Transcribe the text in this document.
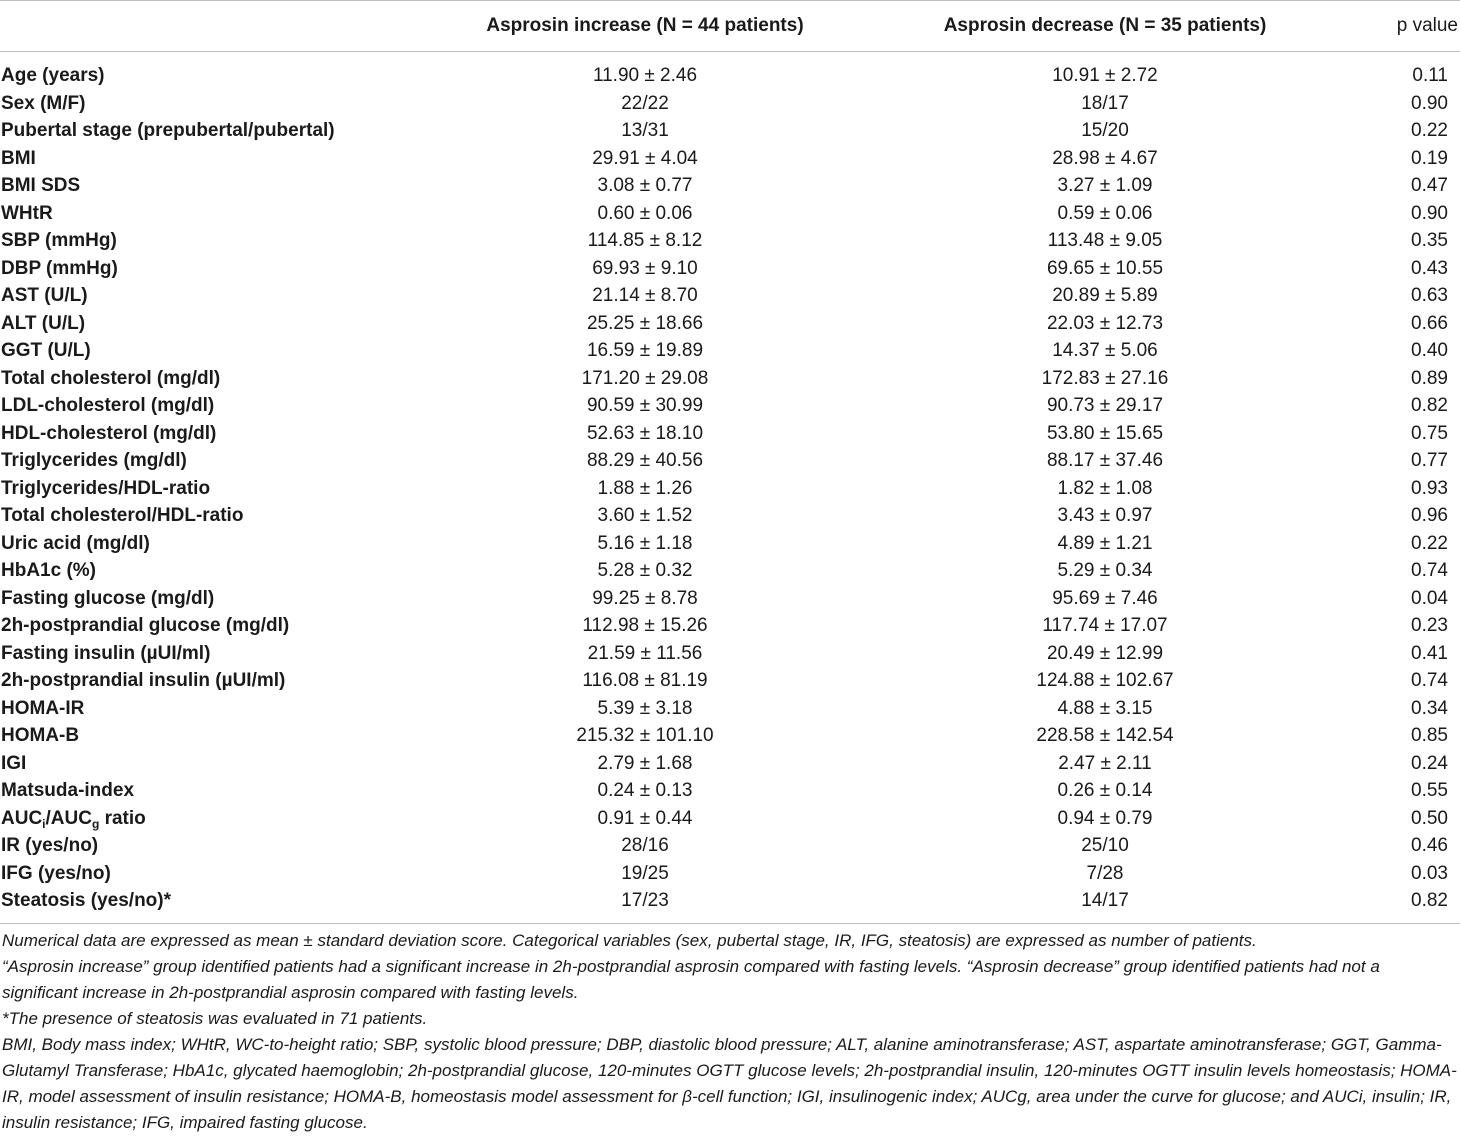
	Asprosin increase (N = 44 patients)	Asprosin decrease (N = 35 patients)	p value

Age (years)	11.90 ± 2.46	10.91 ± 2.72	0.11
Sex (M/F)	22/22	18/17	0.90
Pubertal stage (prepubertal/pubertal)	13/31	15/20	0.22
BMI	29.91 ± 4.04	28.98 ± 4.67	0.19
BMI SDS	3.08 ± 0.77	3.27 ± 1.09	0.47
WHtR	0.60 ± 0.06	0.59 ± 0.06	0.90
SBP (mmHg)	114.85 ± 8.12	113.48 ± 9.05	0.35
DBP (mmHg)	69.93 ± 9.10	69.65 ± 10.55	0.43
AST (U/L)	21.14 ± 8.70	20.89 ± 5.89	0.63
ALT (U/L)	25.25 ± 18.66	22.03 ± 12.73	0.66
GGT (U/L)	16.59 ± 19.89	14.37 ± 5.06	0.40
Total cholesterol (mg/dl)	171.20 ± 29.08	172.83 ± 27.16	0.89
LDL-cholesterol (mg/dl)	90.59 ± 30.99	90.73 ± 29.17	0.82
HDL-cholesterol (mg/dl)	52.63 ± 18.10	53.80 ± 15.65	0.75
Triglycerides (mg/dl)	88.29 ± 40.56	88.17 ± 37.46	0.77
Triglycerides/HDL-ratio	1.88 ± 1.26	1.82 ± 1.08	0.93
Total cholesterol/HDL-ratio	3.60 ± 1.52	3.43 ± 0.97	0.96
Uric acid (mg/dl)	5.16 ± 1.18	4.89 ± 1.21	0.22
HbA1c (%)	5.28 ± 0.32	5.29 ± 0.34	0.74
Fasting glucose (mg/dl)	99.25 ± 8.78	95.69 ± 7.46	0.04
2h-postprandial glucose (mg/dl)	112.98 ± 15.26	117.74 ± 17.07	0.23
Fasting insulin (µUI/ml)	21.59 ± 11.56	20.49 ± 12.99	0.41
2h-postprandial insulin (µUI/ml)	116.08 ± 81.19	124.88 ± 102.67	0.74
HOMA-IR	5.39 ± 3.18	4.88 ± 3.15	0.34
HOMA-B	215.32 ± 101.10	228.58 ± 142.54	0.85
IGI	2.79 ± 1.68	2.47 ± 2.11	0.24
Matsuda-index	0.24 ± 0.13	0.26 ± 0.14	0.55
$AUC_i/AUC_g$ ratio	0.91 ± 0.44	0.94 ± 0.79	0.50
IR (yes/no)	28/16	25/10	0.46
IFG (yes/no)	19/25	7/28	0.03
Steatosis (yes/no)*	17/23	14/17	0.82

Numerical data are expressed as mean ± standard deviation score. Categorical variables (sex, pubertal stage, IR, IFG, steatosis) are expressed as number of patients.

“Asprosin increase” group identified patients had a significant increase in 2h-postprandial asprosin compared with fasting levels. “Asprosin decrease” group identified patients had not a significant increase in 2h-postprandial asprosin compared with fasting levels.

*The presence of steatosis was evaluated in 71 patients.

BMI, Body mass index; WHtR, WC-to-height ratio; SBP, systolic blood pressure; DBP, diastolic blood pressure; ALT, alanine aminotransferase; AST, aspartate aminotransferase; GGT, Gamma-Glutamyl Transferase; HbA1c, glycated haemoglobin; 2h-postprandial glucose, 120-minutes OGTT glucose levels; 2h-postprandial insulin, 120-minutes OGTT insulin levels homeostasis; HOMA-IR, model assessment of insulin resistance; HOMA-B, homeostasis model assessment for β-cell function; IGI, insulinogenic index; AUCg, area under the curve for glucose; and AUCi, insulin; IR, insulin resistance; IFG, impaired fasting glucose.
